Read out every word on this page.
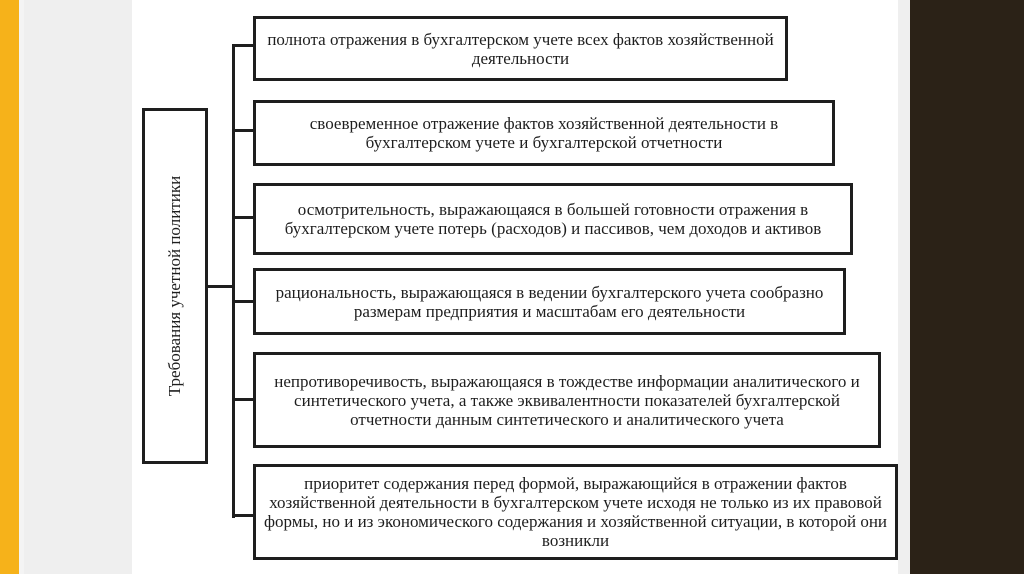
Требования учетной политики
полнота отражения в бухгалтерском учете всех фактов хозяйственной деятельности
своевременное отражение фактов хозяйственной деятельности в бухгалтерском учете и бухгалтерской отчетности
осмотрительность, выражающаяся в большей готовности отражения в бухгалтерском учете потерь (расходов) и пассивов, чем доходов и активов
рациональность, выражающаяся в ведении бухгалтерского учета сообразно размерам предприятия и масштабам его деятельности
непротиворечивость, выражающаяся в тождестве информации аналитического и синтетического учета, а также эквивалентности показателей бухгалтерской отчетности данным синтетического и аналитического учета
приоритет содержания перед формой, выражающийся в отражении фактов хозяйственной деятельности в бухгалтерском учете исходя не только из их правовой формы, но и из экономического содержания и хозяйственной ситуации, в которой они возникли
